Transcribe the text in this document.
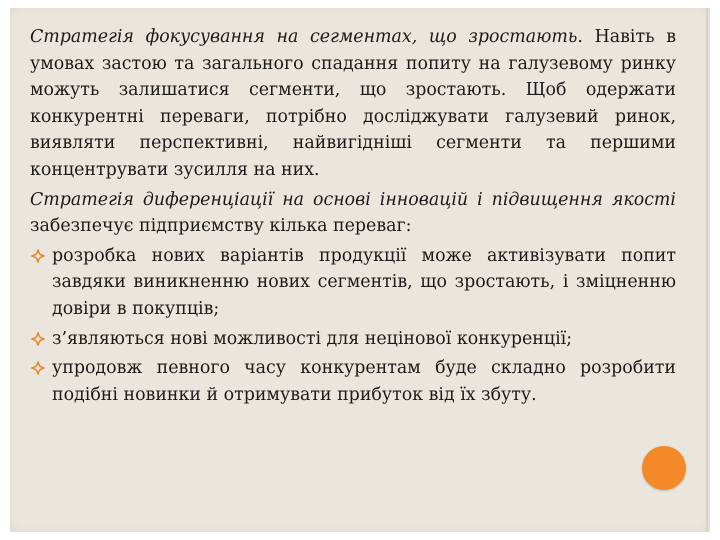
Стратегія фокусування на сегментах, що зростають. Навіть в умовах застою та загального спадання попиту на галузевому ринку можуть залишатися сегменти, що зростають. Щоб одержати конкурентні переваги, потрібно досліджувати галузевий ринок, виявляти перспективні, найвигідніші сегменти та першими концентрувати зусилля на них.

Стратегія диференціації на основі інновацій і підвищення якості забезпечує підприємству кілька переваг:

розробка нових варіантів продукції може активізувати попит завдяки виникненню нових сегментів, що зростають, і зміцненню довіри в покупців;
з’являються нові можливості для нецінової конкуренції;
упродовж певного часу конкурентам буде складно розробити подібні новинки й отримувати прибуток від їх збуту.
